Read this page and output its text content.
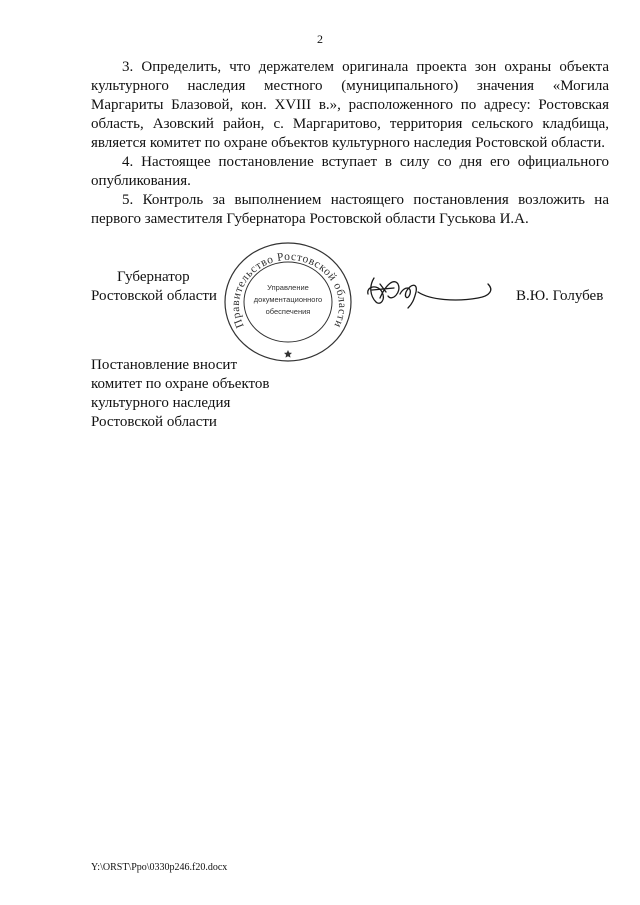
2

3. Определить, что держателем оригинала проекта зон охраны объекта культурного наследия местного (муниципального) значения «Могила Маргариты Блазовой, кон. XVIII в.», расположенного по адресу: Ростовская область, Азовский район, с. Маргаритово, территория сельского кладбища, является комитет по охране объектов культурного наследия Ростовской области.

4. Настоящее постановление вступает в силу со дня его официального опубликования.

5. Контроль за выполнением настоящего постановления возложить на первого заместителя Губернатора Ростовской области Гуськова И.А.

Губернатор
Ростовской области
Правительство Ростовской области
Управление
документационного
обеспечения
В.Ю. Голубев
Постановление вносит
комитет по охране объектов
культурного наследия
Ростовской области
Y:\ORST\Ppo\0330p246.f20.docx
